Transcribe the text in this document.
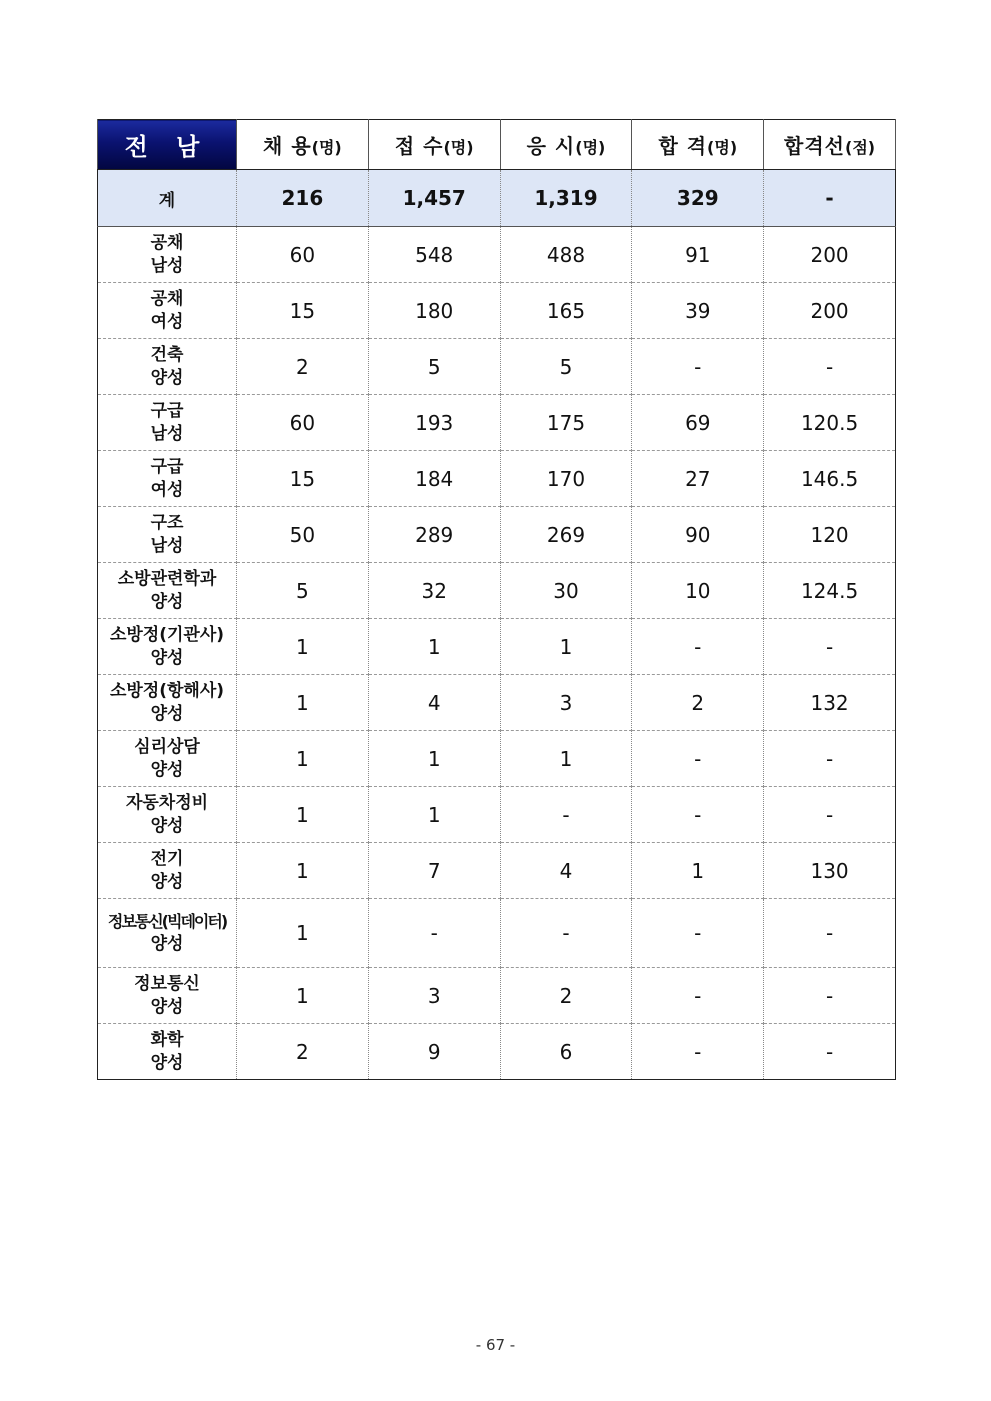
전 남	채 용(명)	접 수(명)	응 시(명)	합 격(명)	합격선(점)
계	216	1,457	1,319	329	-

공채
남성	60	548	488	91	200

공채
여성	15	180	165	39	200

건축
양성	2	5	5	-	-

구급
남성	60	193	175	69	120.5

구급
여성	15	184	170	27	146.5

구조
남성	50	289	269	90	120

소방관련학과
양성	5	32	30	10	124.5

소방정(기관사)
양성	1	1	1	-	-

소방정(항해사)
양성	1	4	3	2	132

심리상담
양성	1	1	1	-	-

자동차정비
양성	1	1	-	-	-

전기
양성	1	7	4	1	130

정보통신(빅데이터)
양성	1	-	-	-	-

정보통신
양성	1	3	2	-	-

화학
양성	2	9	6	-	-
- 67 -
